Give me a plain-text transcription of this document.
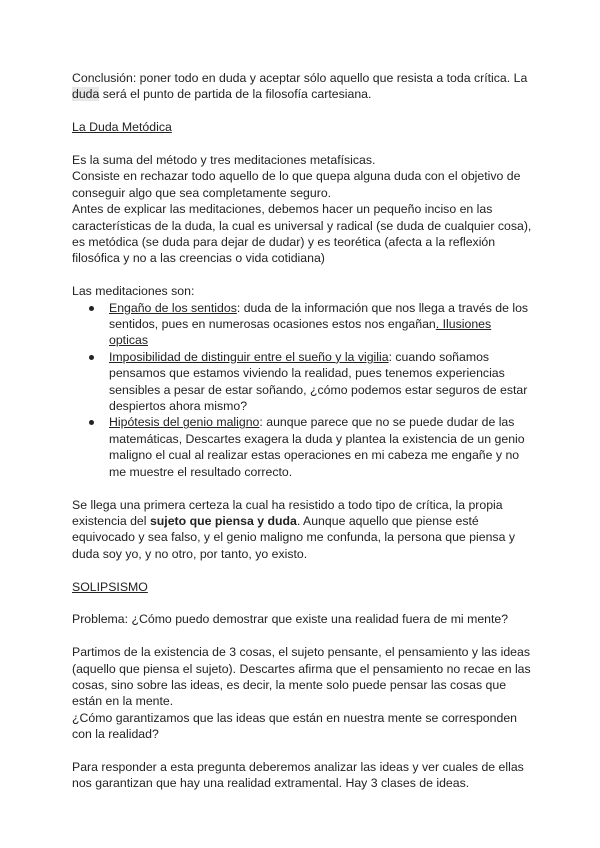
Conclusión: poner todo en duda y aceptar sólo aquello que resista a toda crítica. La duda será el punto de partida de la filosofía cartesiana.

La Duda Metódica

Es la suma del método y tres meditaciones metafísicas.

Consiste en rechazar todo aquello de lo que quepa alguna duda con el objetivo de conseguir algo que sea completamente seguro.

Antes de explicar las meditaciones, debemos hacer un pequeño inciso en las características de la duda, la cual es universal y radical (se duda de cualquier cosa), es metódica (se duda para dejar de dudar) y es teorética (afecta a la reflexión filosófica y no a las creencias o vida cotidiana)

Las meditaciones son:

Engaño de los sentidos: duda de la información que nos llega a través de los sentidos, pues en numerosas ocasiones estos nos engañan. Ilusiones opticas
Imposibilidad de distinguir entre el sueño y la vigilia: cuando soñamos pensamos que estamos viviendo la realidad, pues tenemos experiencias sensibles a pesar de estar soñando, ¿cómo podemos estar seguros de estar despiertos ahora mismo?
Hipótesis del genio maligno: aunque parece que no se puede dudar de las matemáticas, Descartes exagera la duda y plantea la existencia de un genio maligno el cual al realizar estas operaciones en mi cabeza me engañe y no me muestre el resultado correcto.

Se llega una primera certeza la cual ha resistido a todo tipo de crítica, la propia existencia del sujeto que piensa y duda. Aunque aquello que piense esté equivocado y sea falso, y el genio maligno me confunda, la persona que piensa y duda soy yo, y no otro, por tanto, yo existo.

SOLIPSISMO

Problema: ¿Cómo puedo demostrar que existe una realidad fuera de mi mente?

Partimos de la existencia de 3 cosas, el sujeto pensante, el pensamiento y las ideas (aquello que piensa el sujeto). Descartes afirma que el pensamiento no recae en las cosas, sino sobre las ideas, es decir, la mente solo puede pensar las cosas que están en la mente.

¿Cómo garantizamos que las ideas que están en nuestra mente se corresponden con la realidad?

Para responder a esta pregunta deberemos analizar las ideas y ver cuales de ellas nos garantizan que hay una realidad extramental. Hay 3 clases de ideas.
